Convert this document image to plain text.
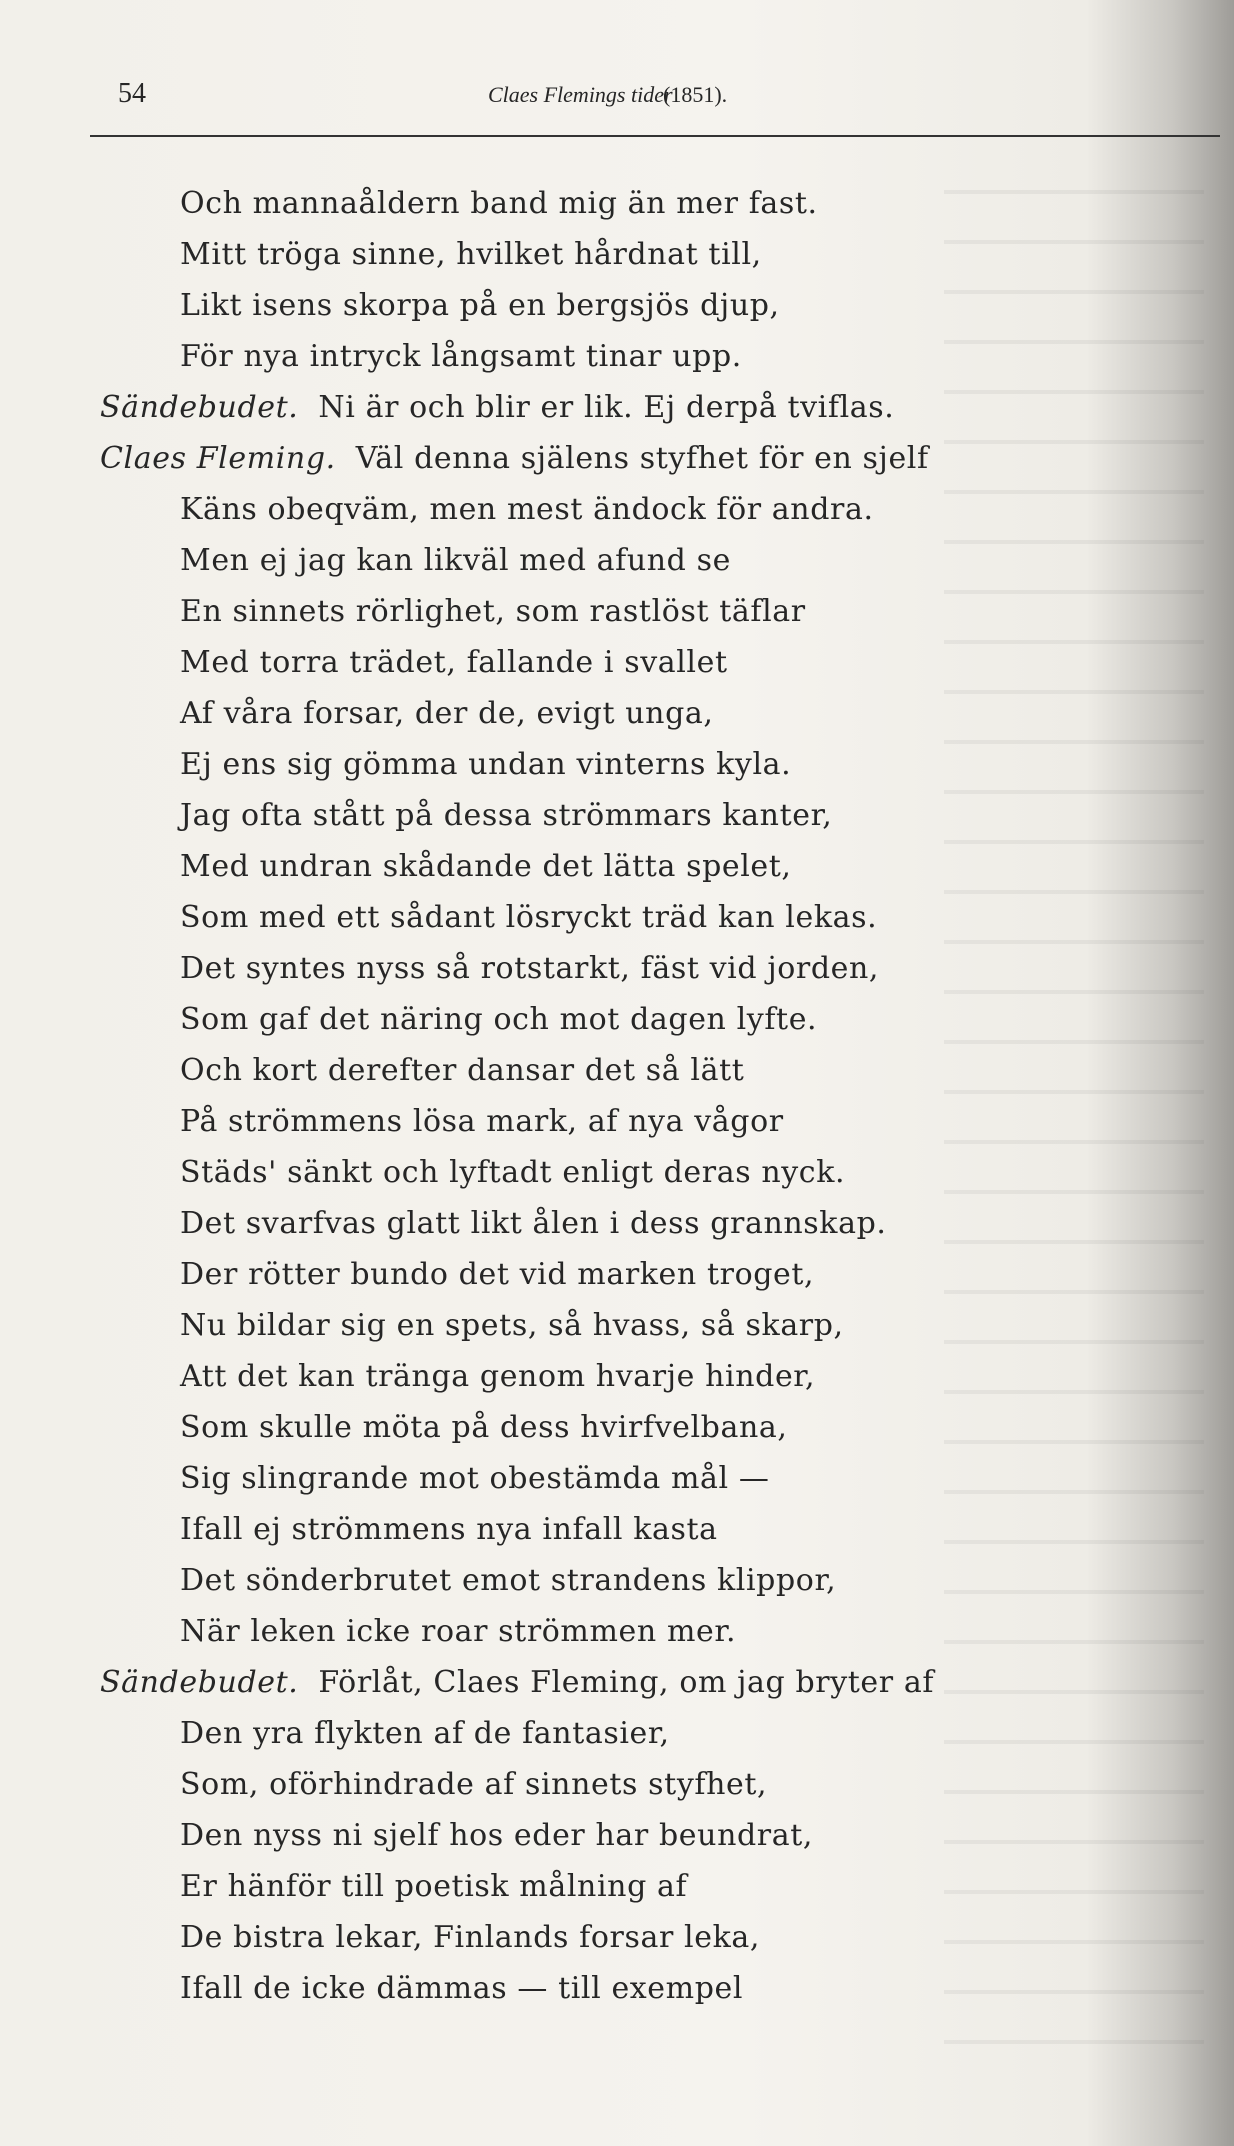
54	Claes Flemings tider
(1851).
Och mannaåldern band mig än mer fast.
Mitt tröga sinne, hvilket hårdnat till,
Likt isens skorpa på en bergsjös djup,
För nya intryck långsamt tinar upp.
Sändebudet. Ni är och blir er lik. Ej derpå tviflas.
Claes Fleming. Väl denna själens styfhet för en sjelf
Käns obeqväm, men mest ändock för andra.
Men ej jag kan likväl med afund se
En sinnets rörlighet, som rastlöst täflar
Med torra trädet, fallande i svallet
Af våra forsar, der de, evigt unga,
Ej ens sig gömma undan vinterns kyla.
Jag ofta stått på dessa strömmars kanter,
Med undran skådande det lätta spelet,
Som med ett sådant lösryckt träd kan lekas.
Det syntes nyss så rotstarkt, fäst vid jorden,
Som gaf det näring och mot dagen lyfte.
Och kort derefter dansar det så lätt
På strömmens lösa mark, af nya vågor
Städs' sänkt och lyftadt enligt deras nyck.
Det svarfvas glatt likt ålen i dess grannskap.
Der rötter bundo det vid marken troget,
Nu bildar sig en spets, så hvass, så skarp,
Att det kan tränga genom hvarje hinder,
Som skulle möta på dess hvirfvelbana,
Sig slingrande mot obestämda mål —
Ifall ej strömmens nya infall kasta
Det sönderbrutet emot strandens klippor,
När leken icke roar strömmen mer.
Sändebudet. Förlåt, Claes Fleming, om jag bryter af
Den yra flykten af de fantasier,
Som, oförhindrade af sinnets styfhet,
Den nyss ni sjelf hos eder har beundrat,
Er hänför till poetisk målning af
De bistra lekar, Finlands forsar leka,
Ifall de icke dämmas — till exempel
